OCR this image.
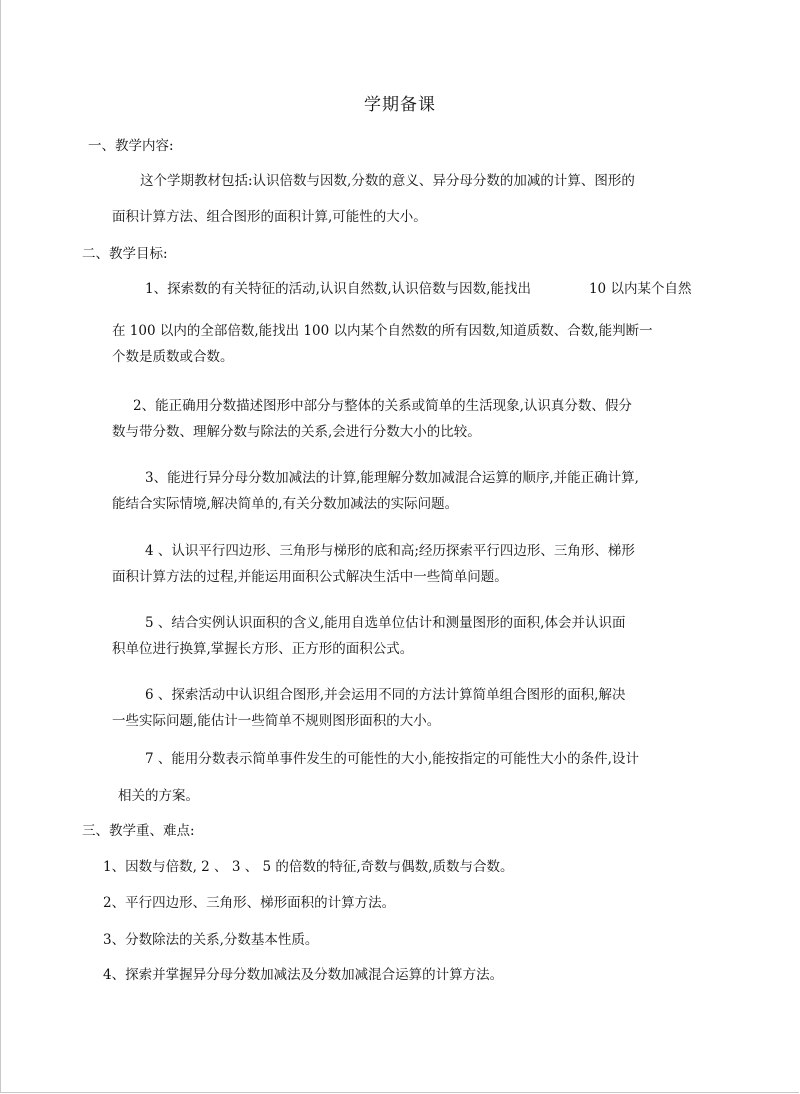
学期备课
一、教学内容:
这个学期教材包括:认识倍数与因数,分数的意义、异分母分数的加减的计算、图形的
面积计算方法、组合图形的面积计算,可能性的大小。
二、教学目标:
1、探索数的有关特征的活动,认识自然数,认识倍数与因数,能找出	10 以内某个自然
在 100 以内的全部倍数,能找出 100 以内某个自然数的所有因数,知道质数、合数,能判断一
个数是质数或合数。
2、能正确用分数描述图形中部分与整体的关系或简单的生活现象,认识真分数、假分
数与带分数、理解分数与除法的关系,会进行分数大小的比较。
3、能进行异分母分数加减法的计算,能理解分数加减混合运算的顺序,并能正确计算,
能结合实际情境,解决简单的,有关分数加减法的实际问题。
4 、认识平行四边形、三角形与梯形的底和高;经历探索平行四边形、三角形、梯形
面积计算方法的过程,并能运用面积公式解决生活中一些简单问题。
5 、结合实例认识面积的含义,能用自选单位估计和测量图形的面积,体会并认识面
积单位进行换算,掌握长方形、正方形的面积公式。
6 、探索活动中认识组合图形,并会运用不同的方法计算简单组合图形的面积,解决
一些实际问题,能估计一些简单不规则图形面积的大小。
7 、能用分数表示简单事件发生的可能性的大小,能按指定的可能性大小的条件,设计
相关的方案。
三、教学重、难点:
1、因数与倍数, 2 、 3 、 5 的倍数的特征,奇数与偶数,质数与合数。
2、平行四边形、三角形、梯形面积的计算方法。
3、分数除法的关系,分数基本性质。
4、探索并掌握异分母分数加减法及分数加减混合运算的计算方法。
